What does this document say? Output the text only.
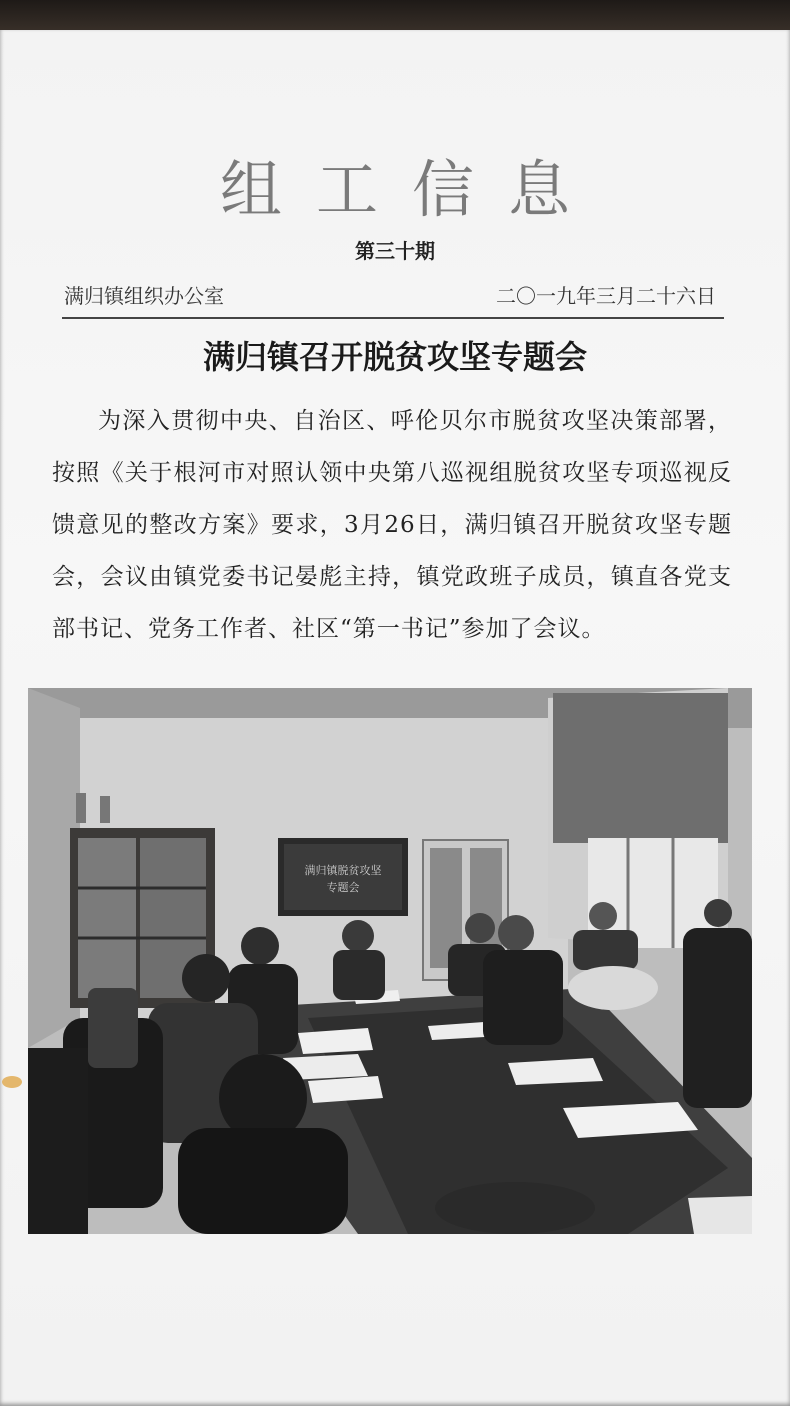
组工信息
第三十期
满归镇组织办公室	二〇一九年三月二十六日
满归镇召开脱贫攻坚专题会
为深入贯彻中央、自治区、呼伦贝尔市脱贫攻坚决策部署，按照《关于根河市对照认领中央第八巡视组脱贫攻坚专项巡视反馈意见的整改方案》要求，3月26日，满归镇召开脱贫攻坚专题会，会议由镇党委书记晏彪主持，镇党政班子成员，镇直各党支部书记、党务工作者、社区“第一书记”参加了会议。
满归镇脱贫攻坚
专题会
